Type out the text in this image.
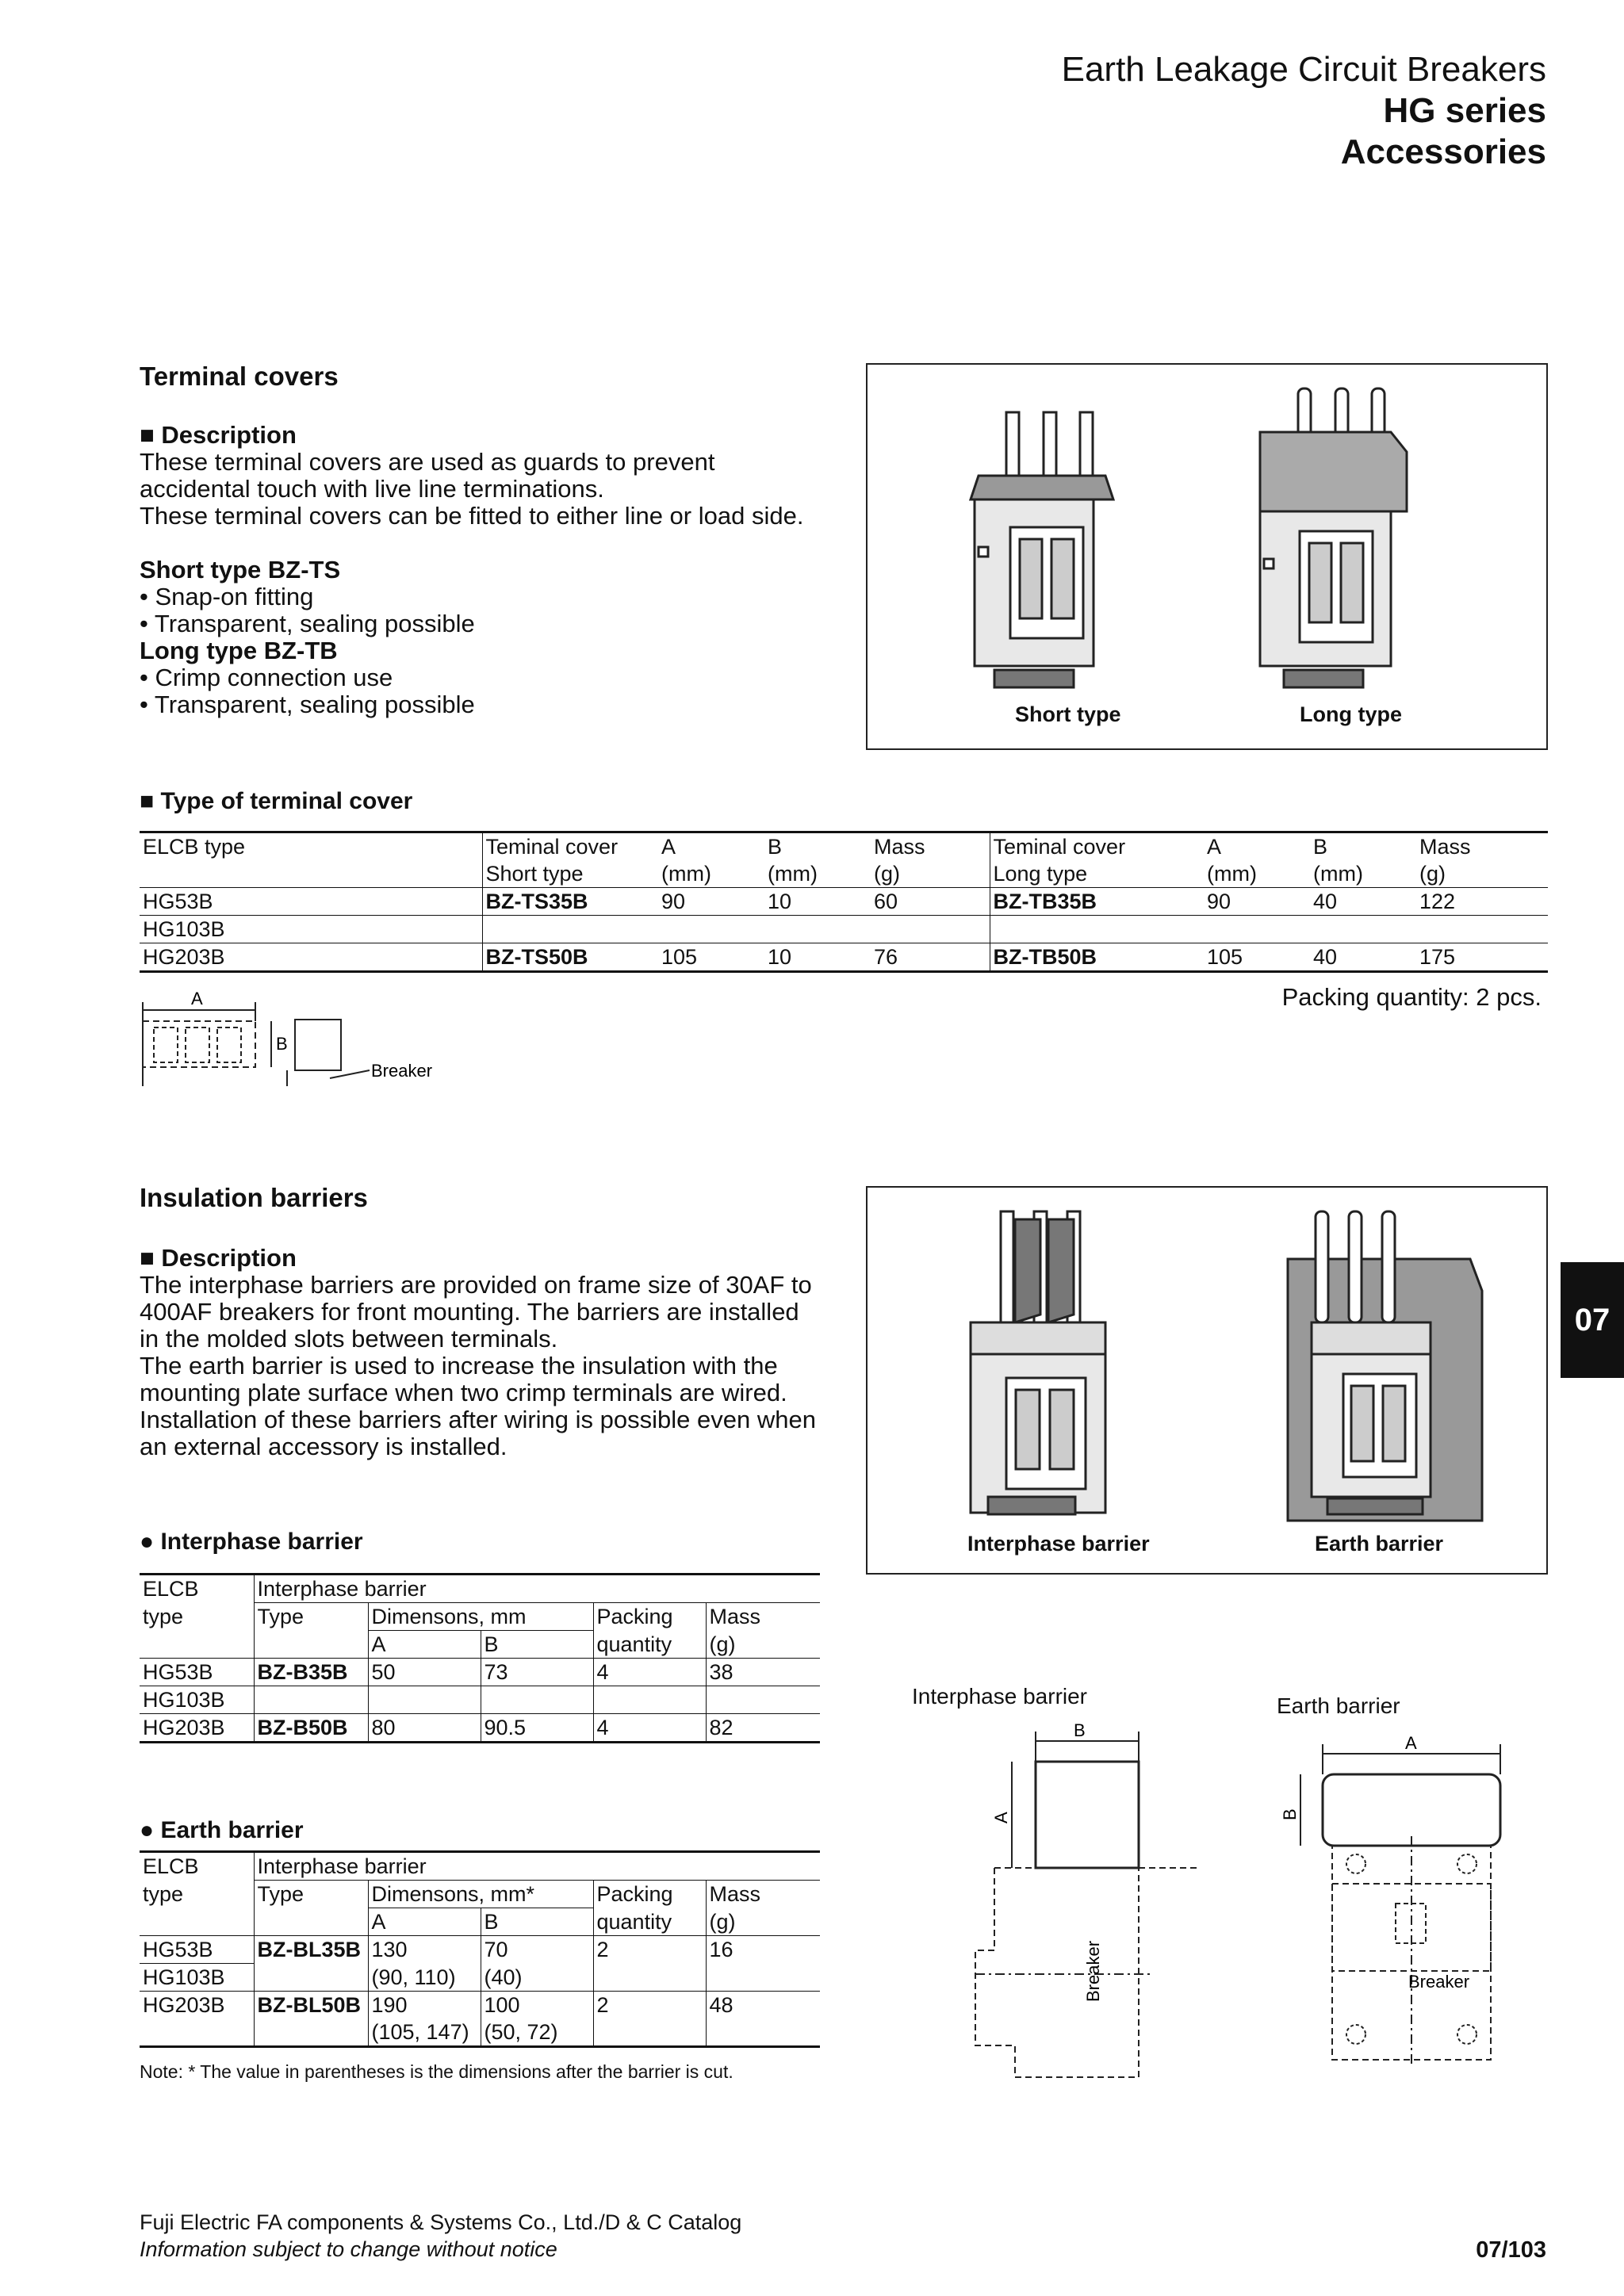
Earth Leakage Circuit Breakers
HG series
Accessories
Terminal covers

■ Description

These terminal covers are used as guards to prevent

accidental touch with live line terminations.

These terminal covers can be fitted to either line or load side.

Short type BZ-TS

• Snap-on fitting

• Transparent, sealing possible

Long type BZ-TB

• Crimp connection use

• Transparent, sealing possible	Short type	Long type
■ Type of terminal cover
ELCB type	Teminal cover	A	B	Mass	Teminal cover	A	B	Mass
	Short type	(mm)	(mm)	(g)	Long type	(mm)	(mm)	(g)
HG53B	BZ-TS35B	90	10	60	BZ-TB35B	90	40	122
HG103B								
HG203B	BZ-TS50B	105	10	76	BZ-TB50B	105	40	175
Packing quantity: 2 pcs.
A
B
Breaker
Insulation barriers

■ Description

The interphase barriers are provided on frame size of 30AF to

400AF breakers for front mounting. The barriers are installed

in the molded slots between terminals.

The earth barrier is used to increase the insulation with the

mounting plate surface when two crimp terminals are wired.

Installation of these barriers after wiring is possible even when

an external accessory is installed.

Interphase barrier	Earth barrier
● Interphase barrier
ELCB	Interphase barrier				
type	Type	Dimensons, mm		Packing	Mass
		A	B	quantity	(g)
HG53B	BZ-B35B	50	73	4	38
HG103B					
HG203B	BZ-B50B	80	90.5	4	82
● Earth barrier
ELCB	Interphase barrier				
type	Type	Dimensons, mm*		Packing	Mass
		A	B	quantity	(g)
HG53B	BZ-BL35B	130	70	2	16
HG103B		(90, 110)	(40)		
HG203B	BZ-BL50B	190	100	2	48
		(105, 147)	(50, 72)		
Note: * The value in parentheses is the dimensions after the barrier is cut.
Interphase barrier	Earth barrier
B
A
Breaker
A
B
Breaker
07
Fuji Electric FA components & Systems Co., Ltd./D & C Catalog
Information subject to change without notice	07/103
